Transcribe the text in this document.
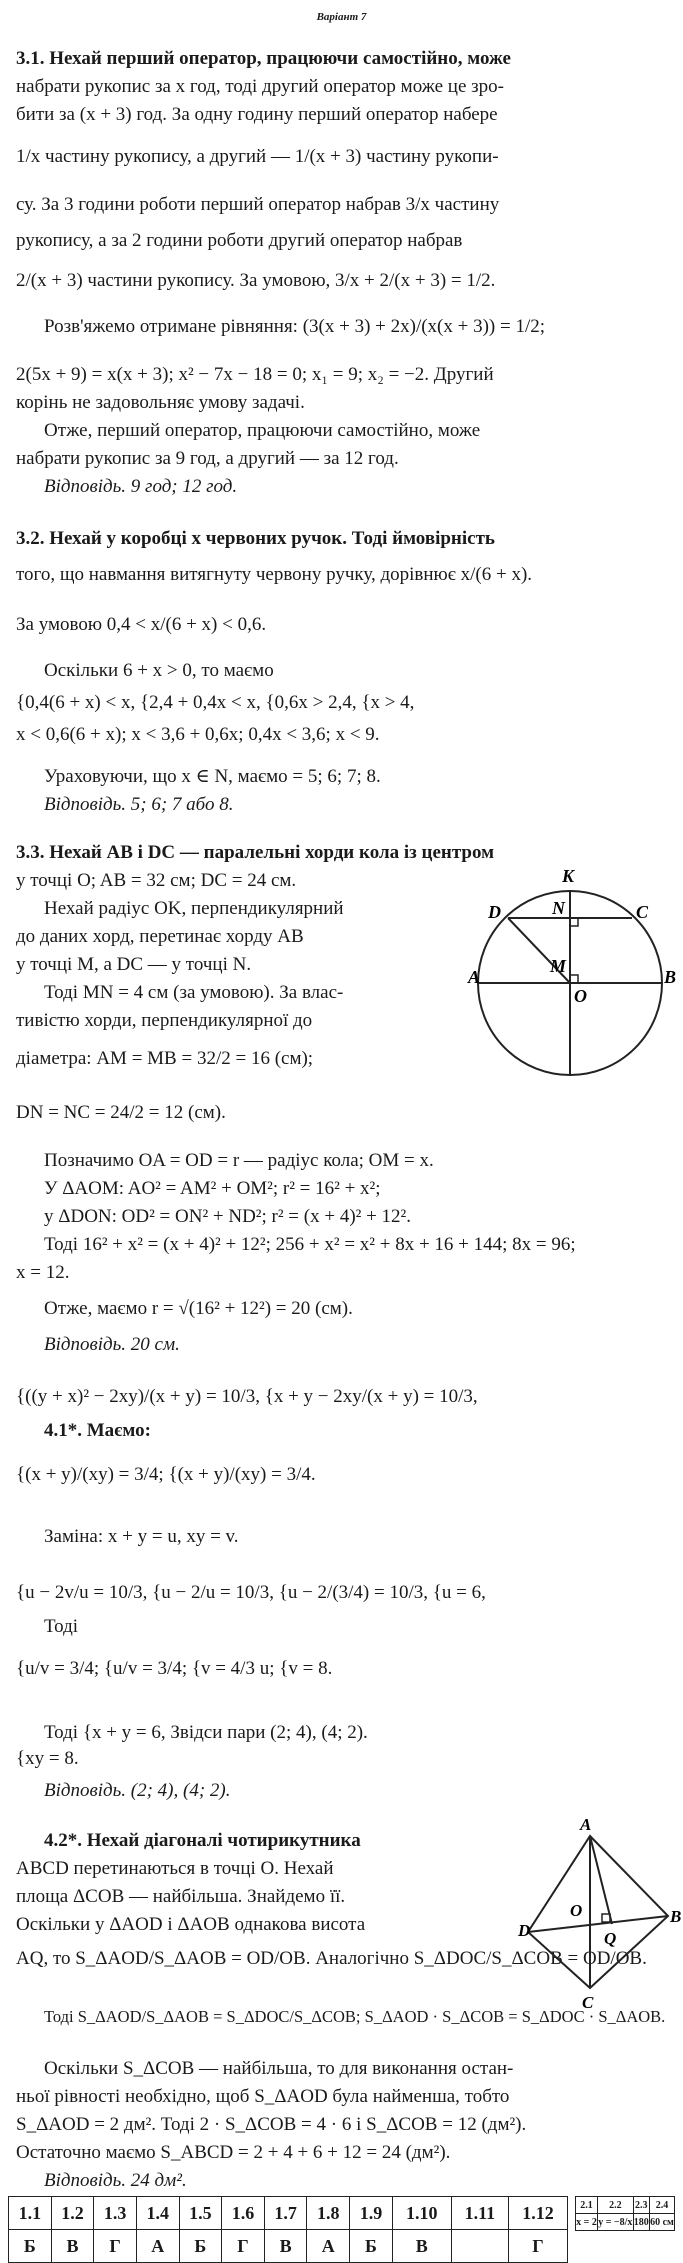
Варіант 7
3.1. Нехай перший оператор, працюючи самостійно, може
набрати рукопис за x год, тоді другий оператор може це зро-
бити за (x + 3) год. За одну годину перший оператор набере
1/x частину рукопису, а другий — 1/(x + 3) частину рукопи-
су. За 3 години роботи перший оператор набрав 3/x частину
рукопису, а за 2 години роботи другий оператор набрав
2/(x + 3) частини рукопису. За умовою, 3/x + 2/(x + 3) = 1/2.
Розв'яжемо отримане рівняння: (3(x + 3) + 2x)/(x(x + 3)) = 1/2;
2(5x + 9) = x(x + 3); x² − 7x − 18 = 0; x₁ = 9; x₂ = −2. Другий
корінь не задовольняє умову задачі.
Отже, перший оператор, працюючи самостійно, може
набрати рукопис за 9 год, а другий — за 12 год.
Відповідь. 9 год; 12 год.
3.2. Нехай у коробці x червоних ручок. Тоді ймовірність
того, що навмання витягнуту червону ручку, дорівнює x/(6 + x).
За умовою 0,4 < x/(6 + x) < 0,6.
Оскільки 6 + x > 0, то маємо
{0,4(6 + x) < x, {2,4 + 0,4x < x, {0,6x > 2,4, {x > 4,
x < 0,6(6 + x); x < 3,6 + 0,6x; 0,4x < 3,6; x < 9.
Ураховуючи, що x ∈ N, маємо = 5; 6; 7; 8.
Відповідь. 5; 6; 7 або 8.
3.3. Нехай AB і DC — паралельні хорди кола із центром
у точці O; AB = 32 см; DC = 24 см.
Нехай радіус OK, перпендикулярний
до даних хорд, перетинає хорду AB
у точці M, а DC — у точці N.
Тоді MN = 4 см (за умовою). За влас-
тивістю хорди, перпендикулярної до
діаметра: AM = MB = 32/2 = 16 (см);
DN = NC = 24/2 = 12 (см).
Позначимо OA = OD = r — радіус кола; OM = x.
У ΔAOM: AO² = AM² + OM²; r² = 16² + x²;
у ΔDON: OD² = ON² + ND²; r² = (x + 4)² + 12².
Тоді 16² + x² = (x + 4)² + 12²; 256 + x² = x² + 8x + 16 + 144; 8x = 96;
x = 12.
Отже, маємо r = √(16² + 12²) = 20 (см).
Відповідь. 20 см.
{((y + x)² − 2xy)/(x + y) = 10/3, {x + y − 2xy/(x + y) = 10/3,
4.1*. Маємо:
{(x + y)/(xy) = 3/4; {(x + y)/(xy) = 3/4.
Заміна: x + y = u, xy = v.
{u − 2v/u = 10/3, {u − 2/u = 10/3, {u − 2/(3/4) = 10/3, {u = 6,
Тоді
{u/v = 3/4; {u/v = 3/4; {v = 4/3 u; {v = 8.
Тоді {x + y = 6, Звідси пари (2; 4), (4; 2).
{xy = 8.
Відповідь. (2; 4), (4; 2).
4.2*. Нехай діагоналі чотирикутника
ABCD перетинаються в точці O. Нехай
площа ΔCOB — найбільша. Знайдемо її.
Оскільки у ΔAOD і ΔAOB однакова висота
AQ, то S_ΔAOD/S_ΔAOB = OD/OB. Аналогічно S_ΔDOC/S_ΔCOB = OD/OB.
Тоді S_ΔAOD/S_ΔAOB = S_ΔDOC/S_ΔCOB; S_ΔAOD · S_ΔCOB = S_ΔDOC · S_ΔAOB.
Оскільки S_ΔCOB — найбільша, то для виконання остан-
ньої рівності необхідно, щоб S_ΔAOD була найменша, тобто
S_ΔAOD = 2 дм². Тоді 2 · S_ΔCOB = 4 · 6 і S_ΔCOB = 12 (дм²).
Остаточно маємо S_ABCD = 2 + 4 + 6 + 12 = 24 (дм²).
Відповідь. 24 дм².
K
D	N	C
A
M
O
B
A
O
Q
B
D
C
1.1	1.2	1.3	1.4	1.5	1.6	1.7	1.8	1.9	1.10	1.11	1.12
Б	В	Г	А	Б	Г	В	А	Б	В		Г
2.1	2.2	2.3	2.4
x = 2	y = −8/x	180	60 см
